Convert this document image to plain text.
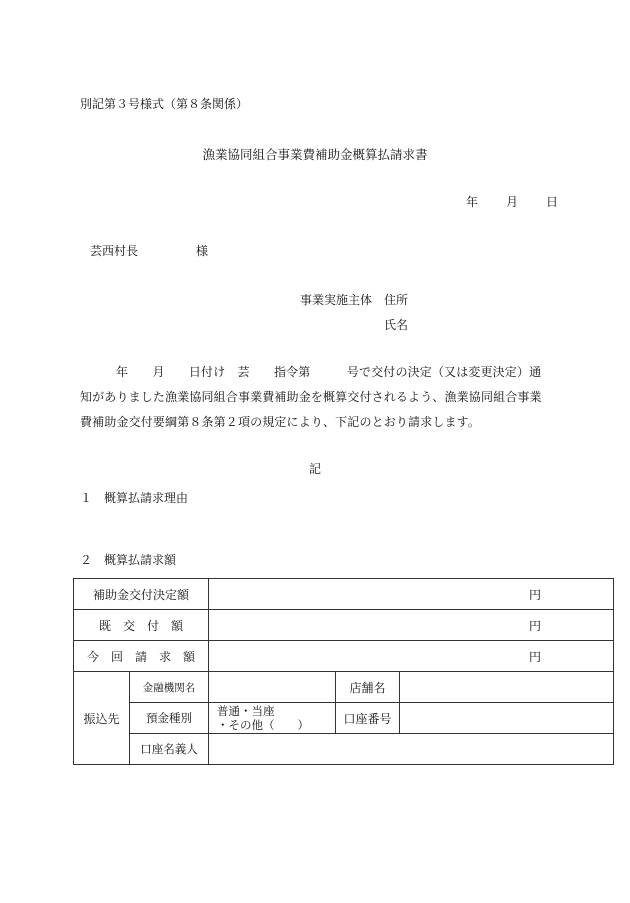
別記第３号様式（第８条関係）
漁業協同組合事業費補助金概算払請求書
年 月 日
芸西村長	様
事業実施主体 住所
氏名
年　　月　　日付け　芸　　指令第　　　号で交付の決定（又は変更決定）通
知がありました漁業協同組合事業費補助金を概算交付されるよう、漁業協同組合事業
費補助金交付要綱第８条第２項の規定により、下記のとおり請求します。
記
１　概算払請求理由
２　概算払請求額
補助金交付決定額		円		
既　交　付　額		円		
今　回　請　求　額		円		
振込先	金融機関名		店舗名	
	預金種別	普通・当座
・その他（　　）	口座番号	
	口座名義人			
